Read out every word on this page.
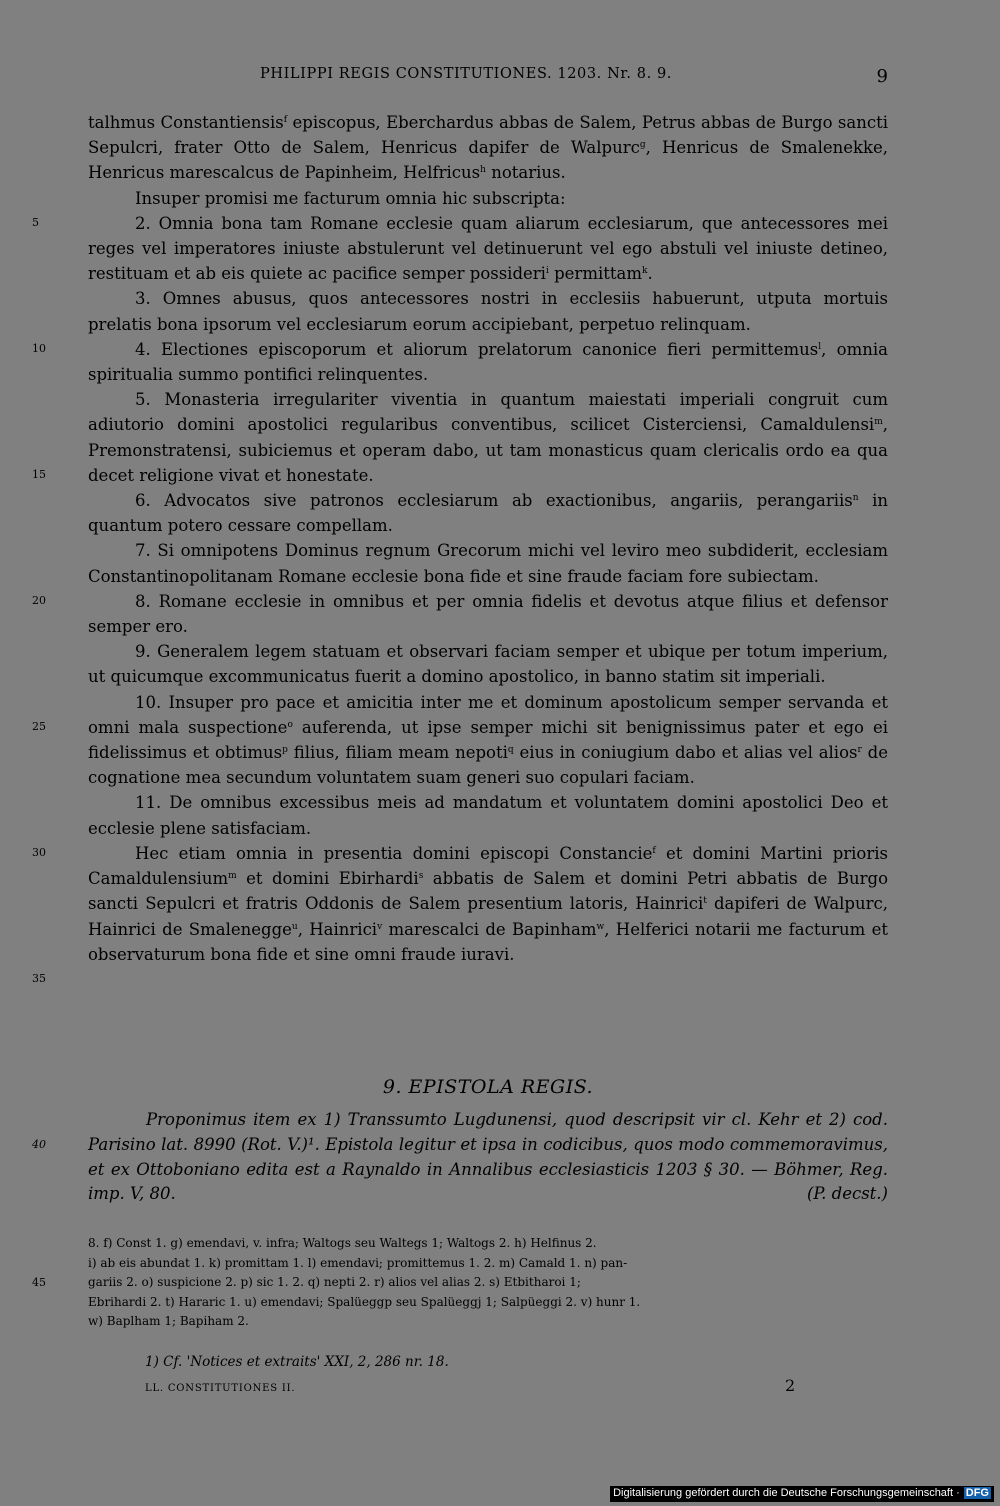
PHILIPPI REGIS CONSTITUTIONES. 1203. Nr. 8. 9.	9
5
10
15
20
25
30
35

talhmus Constantiensis$^f$ episcopus, Eberchardus abbas de Salem, Petrus abbas de Burgo sancti Sepulcri, frater Otto de Salem, Henricus dapifer de Walpurc$^g$, Henricus de Smalenekke, Henricus marescalcus de Papinheim, Helfricus$^h$ notarius.

Insuper promisi me facturum omnia hic subscripta:

2. Omnia bona tam Romane ecclesie quam aliarum ecclesiarum, que antecessores mei reges vel imperatores iniuste abstulerunt vel detinuerunt vel ego abstuli vel iniuste detineo, restituam et ab eis quiete ac pacifice semper possideri$^i$ permittam$^k$.

3. Omnes abusus, quos antecessores nostri in ecclesiis habuerunt, utputa mortuis prelatis bona ipsorum vel ecclesiarum eorum accipiebant, perpetuo relinquam.

4. Electiones episcoporum et aliorum prelatorum canonice fieri permittemus$^l$, omnia spiritualia summo pontifici relinquentes.

5. Monasteria irregulariter viventia in quantum maiestati imperiali congruit cum adiutorio domini apostolici regularibus conventibus, scilicet Cisterciensi, Camaldulensi$^m$, Premonstratensi, subiciemus et operam dabo, ut tam monasticus quam clericalis ordo ea qua decet religione vivat et honestate.

6. Advocatos sive patronos ecclesiarum ab exactionibus, angariis, perangariis$^n$ in quantum potero cessare compellam.

7. Si omnipotens Dominus regnum Grecorum michi vel leviro meo subdiderit, ecclesiam Constantinopolitanam Romane ecclesie bona fide et sine fraude faciam fore subiectam.

8. Romane ecclesie in omnibus et per omnia fidelis et devotus atque filius et defensor semper ero.

9. Generalem legem statuam et observari faciam semper et ubique per totum imperium, ut quicumque excommunicatus fuerit a domino apostolico, in banno statim sit imperiali.

10. Insuper pro pace et amicitia inter me et dominum apostolicum semper servanda et omni mala suspectione$^o$ auferenda, ut ipse semper michi sit benignissimus pater et ego ei fidelissimus et obtimus$^p$ filius, filiam meam nepoti$^q$ eius in coniugium dabo et alias vel alios$^r$ de cognatione mea secundum voluntatem suam generi suo copulari faciam.

11. De omnibus excessibus meis ad mandatum et voluntatem domini apostolici Deo et ecclesie plene satisfaciam.

Hec etiam omnia in presentia domini episcopi Constancie$^f$ et domini Martini prioris Camaldulensium$^m$ et domini Ebirhardi$^s$ abbatis de Salem et domini Petri abbatis de Burgo sancti Sepulcri et fratris Oddonis de Salem presentium latoris, Hainrici$^t$ dapiferi de Walpurc, Hainrici de Smalenegge$^u$, Hainrici$^v$ marescalci de Bapinham$^w$, Helferici notarii me facturum et observaturum bona fide et sine omni fraude iuravi.

9. EPISTOLA REGIS.
40

Proponimus item ex 1) Transsumto Lugdunensi, quod descripsit vir cl. Kehr et 2) cod. Parisino lat. 8990 (Rot. V.)¹. Epistola legitur et ipsa in codicibus, quos modo commemoravimus, et ex Ottoboniano edita est a Raynaldo in Annalibus ecclesiasticis 1203 § 30. — Böhmer, Reg. imp. V, 80.	(P. decst.)

45

8. f) Const 1. g) emendavi, v. infra; Waltogs seu Waltegs 1; Waltogs 2. h) Helfinus 2.

i) ab eis abundat 1. k) promittam 1. l) emendavi; promittemus 1. 2. m) Camald 1. n) pan-

gariis 2. o) suspicione 2. p) sic 1. 2. q) nepti 2. r) alios vel alias 2. s) Etbitharoi 1;

Ebrihardi 2. t) Hararic 1. u) emendavi; Spalüeggp seu Spalüeggj 1; Salpüeggi 2. v) hunr 1.

w) Baplham 1; Bapiham 2.

1) Cf. 'Notices et extraits' XXI, 2, 286 nr. 18.
LL. CONSTITUTIONES II.	2
Digitalisierung gefördert durch die Deutsche Forschungsgemeinschaft · DFG
